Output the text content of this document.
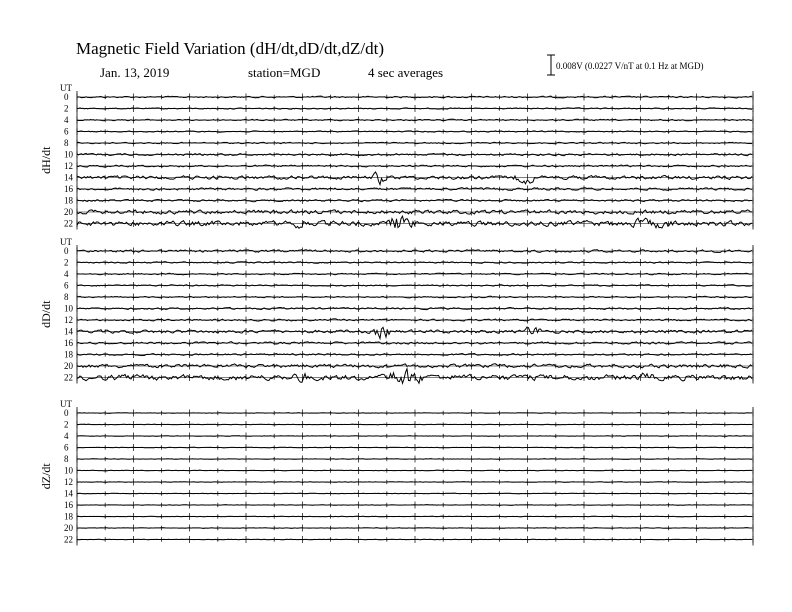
Magnetic Field Variation (dH/dt,dD/dt,dZ/dt)
Jan. 13, 2019	station=MGD	4 sec averages	0.008V (0.0227 V/nT at 0.1 Hz at MGD)
UT
dH/dt
0
2
4
6
8
10
12
14
16
18
20
22
UT
dD/dt
0
2
4
6
8
10
12
14
16
18
20
22
UT
dZ/dt
0
2
4
6
8
10
12
14
16
18
20
22
